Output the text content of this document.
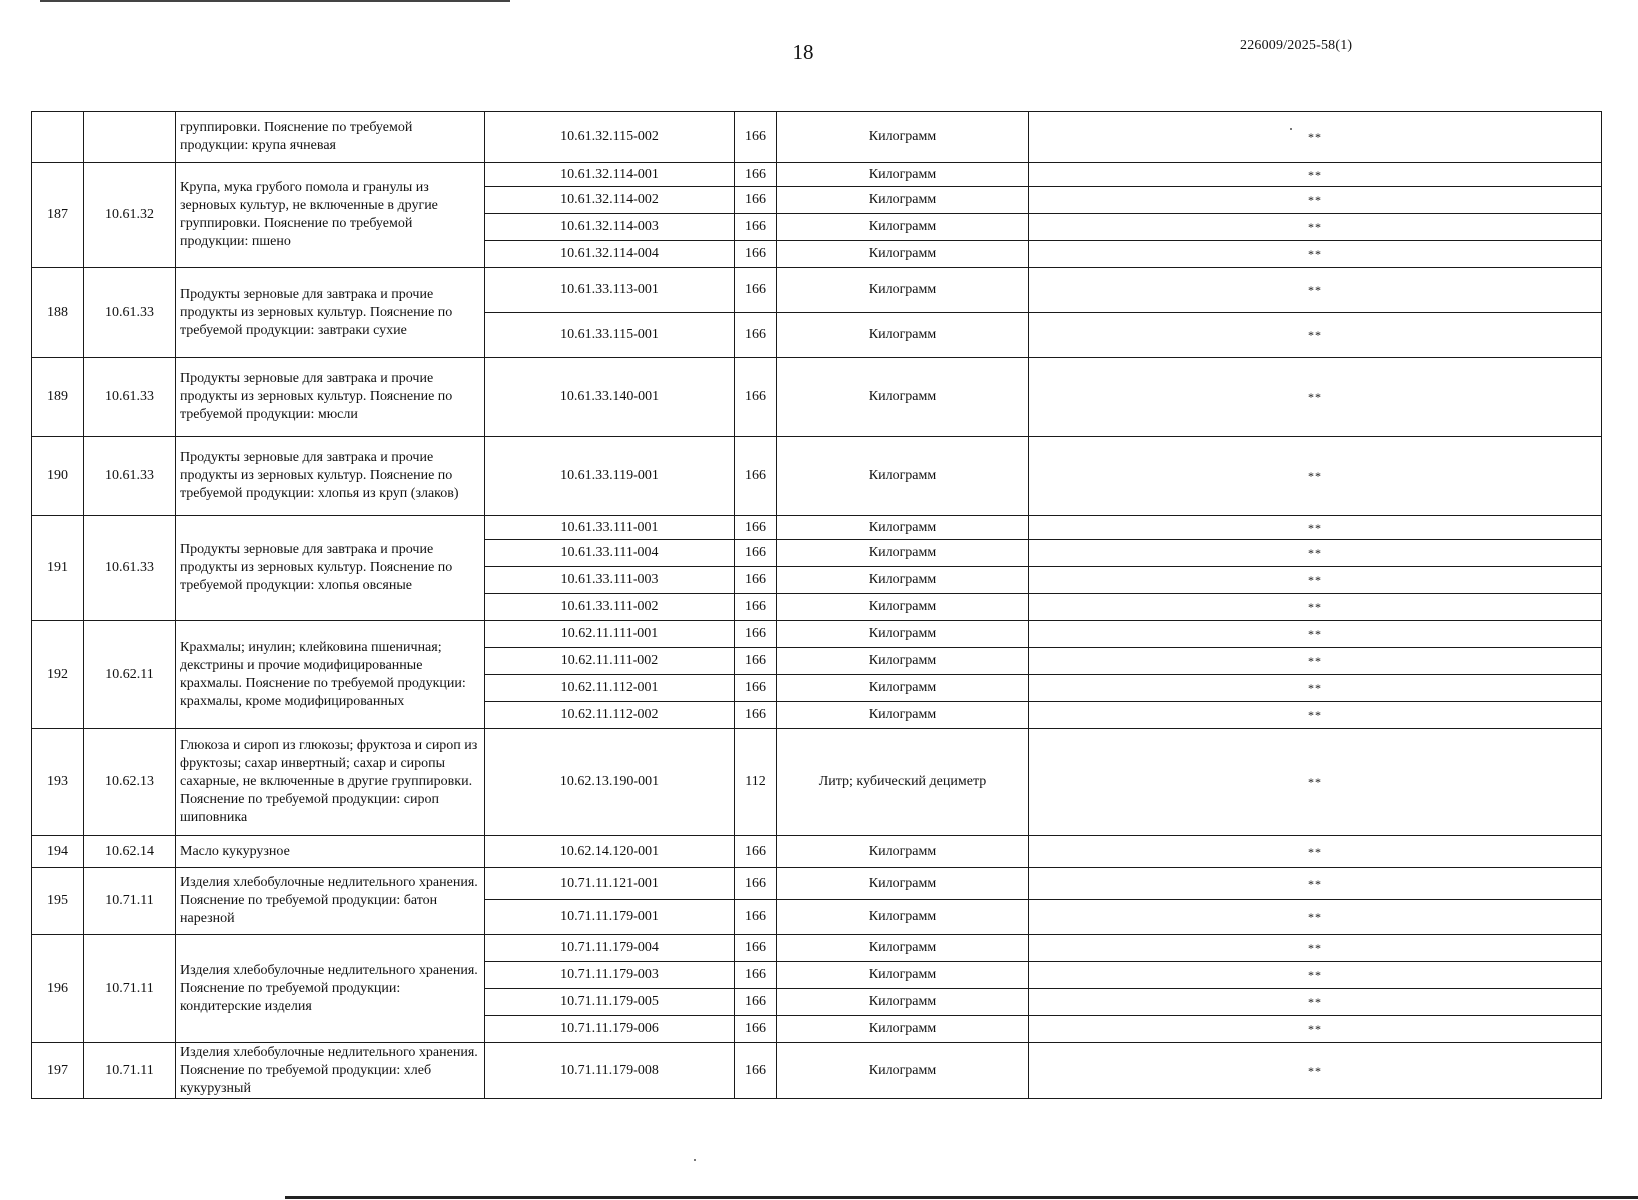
18	226009/2025-58(1)
		группировки. Пояснение по требуемой продукции: крупа ячневая	10.61.32.115-002	166	Килограмм	**
187	10.61.32	Крупа, мука грубого помола и гранулы из зерновых культур, не включенные в другие группировки. Пояснение по требуемой продукции: пшено	10.61.32.114-001	166	Килограмм	**
			10.61.32.114-002	166	Килограмм	**
			10.61.32.114-003	166	Килограмм	**
			10.61.32.114-004	166	Килограмм	**
188	10.61.33	Продукты зерновые для завтрака и прочие продукты из зерновых культур. Пояснение по требуемой продукции: завтраки сухие	10.61.33.113-001	166	Килограмм	**
			10.61.33.115-001	166	Килограмм	**
189	10.61.33	Продукты зерновые для завтрака и прочие продукты из зерновых культур. Пояснение по требуемой продукции: мюсли	10.61.33.140-001	166	Килограмм	**
190	10.61.33	Продукты зерновые для завтрака и прочие продукты из зерновых культур. Пояснение по требуемой продукции: хлопья из круп (злаков)	10.61.33.119-001	166	Килограмм	**
191	10.61.33	Продукты зерновые для завтрака и прочие продукты из зерновых культур. Пояснение по требуемой продукции: хлопья овсяные	10.61.33.111-001	166	Килограмм	**
			10.61.33.111-004	166	Килограмм	**
			10.61.33.111-003	166	Килограмм	**
			10.61.33.111-002	166	Килограмм	**
192	10.62.11	Крахмалы; инулин; клейковина пшеничная; декстрины и прочие модифицированные крахмалы. Пояснение по требуемой продукции: крахмалы, кроме модифицированных	10.62.11.111-001	166	Килограмм	**
			10.62.11.111-002	166	Килограмм	**
			10.62.11.112-001	166	Килограмм	**
			10.62.11.112-002	166	Килограмм	**
193	10.62.13	Глюкоза и сироп из глюкозы; фруктоза и сироп из фруктозы; сахар инвертный; сахар и сиропы сахарные, не включенные в другие группировки. Пояснение по требуемой продукции: сироп шиповника	10.62.13.190-001	112	Литр; кубический дециметр	**
194	10.62.14	Масло кукурузное	10.62.14.120-001	166	Килограмм	**
195	10.71.11	Изделия хлебобулочные недлительного хранения. Пояснение по требуемой продукции: батон нарезной	10.71.11.121-001	166	Килограмм	**
			10.71.11.179-001	166	Килограмм	**
196	10.71.11	Изделия хлебобулочные недлительного хранения. Пояснение по требуемой продукции: кондитерские изделия	10.71.11.179-004	166	Килограмм	**
			10.71.11.179-003	166	Килограмм	**
			10.71.11.179-005	166	Килограмм	**
			10.71.11.179-006	166	Килограмм	**
197	10.71.11	Изделия хлебобулочные недлительного хранения. Пояснение по требуемой продукции: хлеб кукурузный	10.71.11.179-008	166	Килограмм	**
